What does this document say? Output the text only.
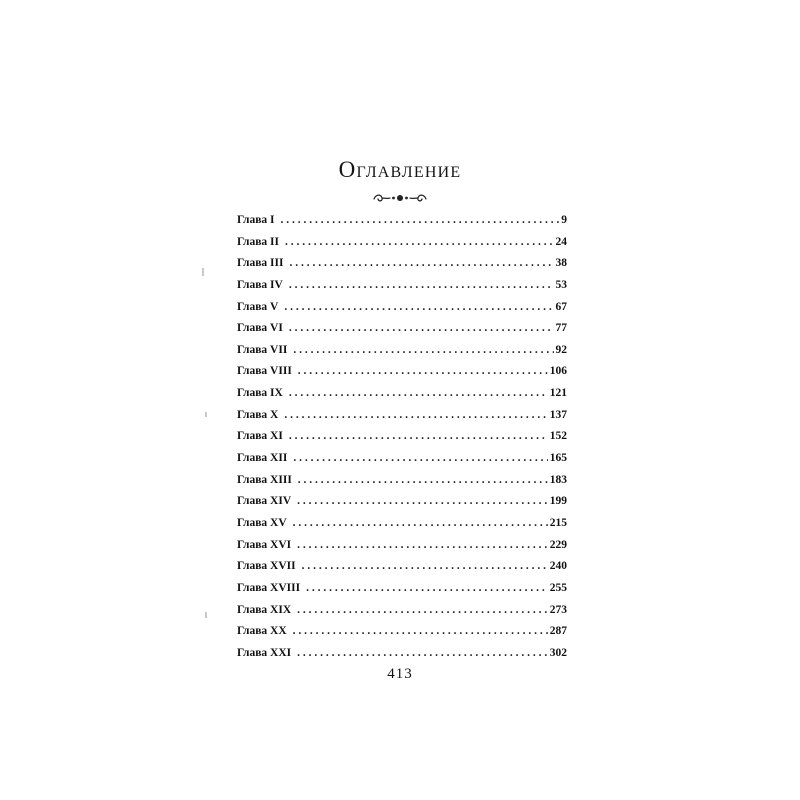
Оглавление
Глава I . . .	9
Глава II . . .	24
Глава III . . .	38
Глава IV . . .	53
Глава V . . .	67
Глава VI . . .	77
Глава VII . . .	92
Глава VIII . . .	106
Глава IX . . .	121
Глава X . . .	137
Глава XI . . .	152
Глава XII . . .	165
Глава XIII . . .	183
Глава XIV . . .	199
Глава XV . . .	215
Глава XVI . . .	229
Глава XVII . . .	240
Глава XVIII . . .	255
Глава XIX . . .	273
Глава XX . . .	287
Глава XXI . . .	302
413
